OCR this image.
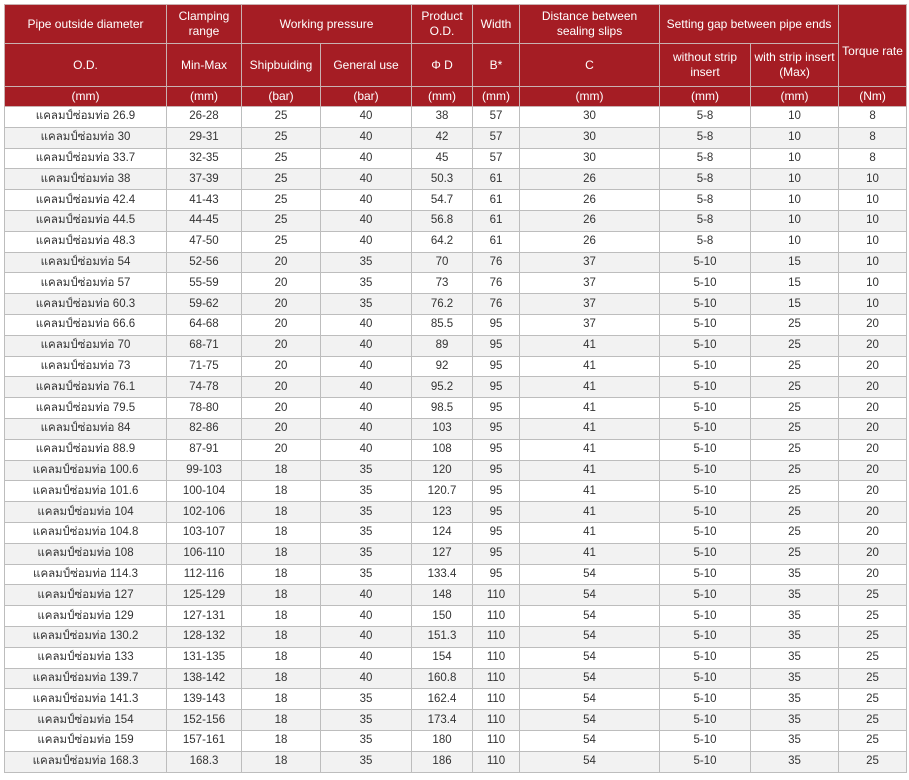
Pipe outside diameter	Clamping range	Working pressure		Product O.D.	Width	Distance between sealing slips	Setting gap between pipe ends		Torque rate
O.D.	Min-Max	Shipbuiding	General use	Φ D	B*	C	without strip insert	with strip insert (Max)	
(mm)	(mm)	(bar)	(bar)	(mm)	(mm)	(mm)	(mm)	(mm)	(Nm)
แคลมป์ซ่อมท่อ 26.9	26-28	25	40	38	57	30	5-8	10	8
แคลมป์ซ่อมท่อ 30	29-31	25	40	42	57	30	5-8	10	8
แคลมป์ซ่อมท่อ 33.7	32-35	25	40	45	57	30	5-8	10	8
แคลมป์ซ่อมท่อ 38	37-39	25	40	50.3	61	26	5-8	10	10
แคลมป์ซ่อมท่อ 42.4	41-43	25	40	54.7	61	26	5-8	10	10
แคลมป์ซ่อมท่อ 44.5	44-45	25	40	56.8	61	26	5-8	10	10
แคลมป์ซ่อมท่อ 48.3	47-50	25	40	64.2	61	26	5-8	10	10
แคลมป์ซ่อมท่อ 54	52-56	20	35	70	76	37	5-10	15	10
แคลมป์ซ่อมท่อ 57	55-59	20	35	73	76	37	5-10	15	10
แคลมป์ซ่อมท่อ 60.3	59-62	20	35	76.2	76	37	5-10	15	10
แคลมป์ซ่อมท่อ 66.6	64-68	20	40	85.5	95	37	5-10	25	20
แคลมป์ซ่อมท่อ 70	68-71	20	40	89	95	41	5-10	25	20
แคลมป์ซ่อมท่อ 73	71-75	20	40	92	95	41	5-10	25	20
แคลมป์ซ่อมท่อ 76.1	74-78	20	40	95.2	95	41	5-10	25	20
แคลมป์ซ่อมท่อ 79.5	78-80	20	40	98.5	95	41	5-10	25	20
แคลมป์ซ่อมท่อ 84	82-86	20	40	103	95	41	5-10	25	20
แคลมป์ซ่อมท่อ 88.9	87-91	20	40	108	95	41	5-10	25	20
แคลมป์ซ่อมท่อ 100.6	99-103	18	35	120	95	41	5-10	25	20
แคลมป์ซ่อมท่อ 101.6	100-104	18	35	120.7	95	41	5-10	25	20
แคลมป์ซ่อมท่อ 104	102-106	18	35	123	95	41	5-10	25	20
แคลมป์ซ่อมท่อ 104.8	103-107	18	35	124	95	41	5-10	25	20
แคลมป์ซ่อมท่อ 108	106-110	18	35	127	95	41	5-10	25	20
แคลมป์ซ่อมท่อ 114.3	112-116	18	35	133.4	95	54	5-10	35	20
แคลมป์ซ่อมท่อ 127	125-129	18	40	148	110	54	5-10	35	25
แคลมป์ซ่อมท่อ 129	127-131	18	40	150	110	54	5-10	35	25
แคลมป์ซ่อมท่อ 130.2	128-132	18	40	151.3	110	54	5-10	35	25
แคลมป์ซ่อมท่อ 133	131-135	18	40	154	110	54	5-10	35	25
แคลมป์ซ่อมท่อ 139.7	138-142	18	40	160.8	110	54	5-10	35	25
แคลมป์ซ่อมท่อ 141.3	139-143	18	35	162.4	110	54	5-10	35	25
แคลมป์ซ่อมท่อ 154	152-156	18	35	173.4	110	54	5-10	35	25
แคลมป์ซ่อมท่อ 159	157-161	18	35	180	110	54	5-10	35	25
แคลมป์ซ่อมท่อ 168.3	168.3	18	35	186	110	54	5-10	35	25
